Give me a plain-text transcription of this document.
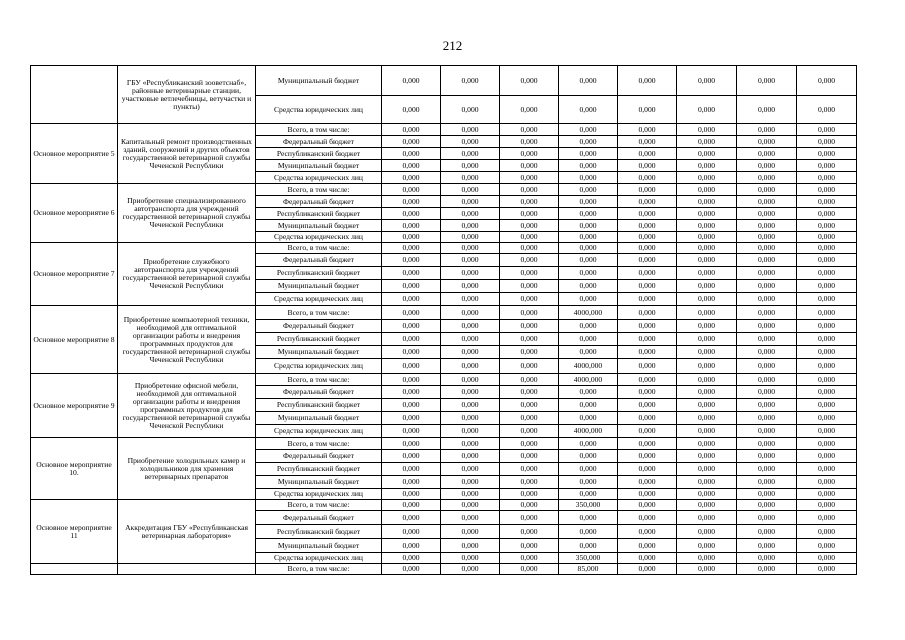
212
	ГБУ «Республиканский зооветснаб», районные ветеринарные станции, участковые ветлечебницы, ветучастки и пункты)	Муниципальный бюджет	0,000	0,000	0,000	0,000	0,000	0,000	0,000	0,000
		Средства юридических лиц	0,000	0,000	0,000	0,000	0,000	0,000	0,000	0,000
Основное мероприятие 5	Капитальный ремонт производственных зданий, сооружений и других объектов государственной ветеринарной службы Чеченской Республики	Всего, в том числе:	0,000	0,000	0,000	0,000	0,000	0,000	0,000	0,000
		Федеральный бюджет	0,000	0,000	0,000	0,000	0,000	0,000	0,000	0,000
		Республиканский бюджет	0,000	0,000	0,000	0,000	0,000	0,000	0,000	0,000
		Муниципальный бюджет	0,000	0,000	0,000	0,000	0,000	0,000	0,000	0,000
		Средства юридических лиц	0,000	0,000	0,000	0,000	0,000	0,000	0,000	0,000
Основное мероприятие 6	Приобретение специализированного автотранспорта для учреждений государственной ветеринарной службы Чеченской Республики	Всего, в том числе:	0,000	0,000	0,000	0,000	0,000	0,000	0,000	0,000
		Федеральный бюджет	0,000	0,000	0,000	0,000	0,000	0,000	0,000	0,000
		Республиканский бюджет	0,000	0,000	0,000	0,000	0,000	0,000	0,000	0,000
		Муниципальный бюджет	0,000	0,000	0,000	0,000	0,000	0,000	0,000	0,000
		Средства юридических лиц	0,000	0,000	0,000	0,000	0,000	0,000	0,000	0,000
Основное мероприятие 7	Приобретение служебного автотранспорта для учреждений государственной ветеринарной службы Чеченской Республики	Всего, в том числе:	0,000	0,000	0,000	0,000	0,000	0,000	0,000	0,000
		Федеральный бюджет	0,000	0,000	0,000	0,000	0,000	0,000	0,000	0,000
		Республиканский бюджет	0,000	0,000	0,000	0,000	0,000	0,000	0,000	0,000
		Муниципальный бюджет	0,000	0,000	0,000	0,000	0,000	0,000	0,000	0,000
		Средства юридических лиц	0,000	0,000	0,000	0,000	0,000	0,000	0,000	0,000
Основное мероприятие 8	Приобретение компьютерной техники, необходимой для оптимальной организации работы и внедрения программных продуктов для государственной ветеринарной службы Чеченской Республики	Всего, в том числе:	0,000	0,000	0,000	4000,000	0,000	0,000	0,000	0,000
		Федеральный бюджет	0,000	0,000	0,000	0,000	0,000	0,000	0,000	0,000
		Республиканский бюджет	0,000	0,000	0,000	0,000	0,000	0,000	0,000	0,000
		Муниципальный бюджет	0,000	0,000	0,000	0,000	0,000	0,000	0,000	0,000
		Средства юридических лиц	0,000	0,000	0,000	4000,000	0,000	0,000	0,000	0,000
Основное мероприятие 9	Приобретение офисной мебели, необходимой для оптимальной организации работы и внедрения программных продуктов для государственной ветеринарной службы Чеченской Республики	Всего, в том числе:	0,000	0,000	0,000	4000,000	0,000	0,000	0,000	0,000
		Федеральный бюджет	0,000	0,000	0,000	0,000	0,000	0,000	0,000	0,000
		Республиканский бюджет	0,000	0,000	0,000	0,000	0,000	0,000	0,000	0,000
		Муниципальный бюджет	0,000	0,000	0,000	0,000	0,000	0,000	0,000	0,000
		Средства юридических лиц	0,000	0,000	0,000	4000,000	0,000	0,000	0,000	0,000
Основное мероприятие 10.	Приобретение холодильных камер и холодильников для хранения ветеринарных препаратов	Всего, в том числе:	0,000	0,000	0,000	0,000	0,000	0,000	0,000	0,000
		Федеральный бюджет	0,000	0,000	0,000	0,000	0,000	0,000	0,000	0,000
		Республиканский бюджет	0,000	0,000	0,000	0,000	0,000	0,000	0,000	0,000
		Муниципальный бюджет	0,000	0,000	0,000	0,000	0,000	0,000	0,000	0,000
		Средства юридических лиц	0,000	0,000	0,000	0,000	0,000	0,000	0,000	0,000
Основное мероприятие 11	Аккредитация ГБУ «Республиканская ветеринарная лаборатория»	Всего, в том числе:	0,000	0,000	0,000	350,000	0,000	0,000	0,000	0,000
		Федеральный бюджет	0,000	0,000	0,000	0,000	0,000	0,000	0,000	0,000
		Республиканский бюджет	0,000	0,000	0,000	0,000	0,000	0,000	0,000	0,000
		Муниципальный бюджет	0,000	0,000	0,000	0,000	0,000	0,000	0,000	0,000
		Средства юридических лиц	0,000	0,000	0,000	350,000	0,000	0,000	0,000	0,000
		Всего, в том числе:	0,000	0,000	0,000	85,000	0,000	0,000	0,000	0,000
